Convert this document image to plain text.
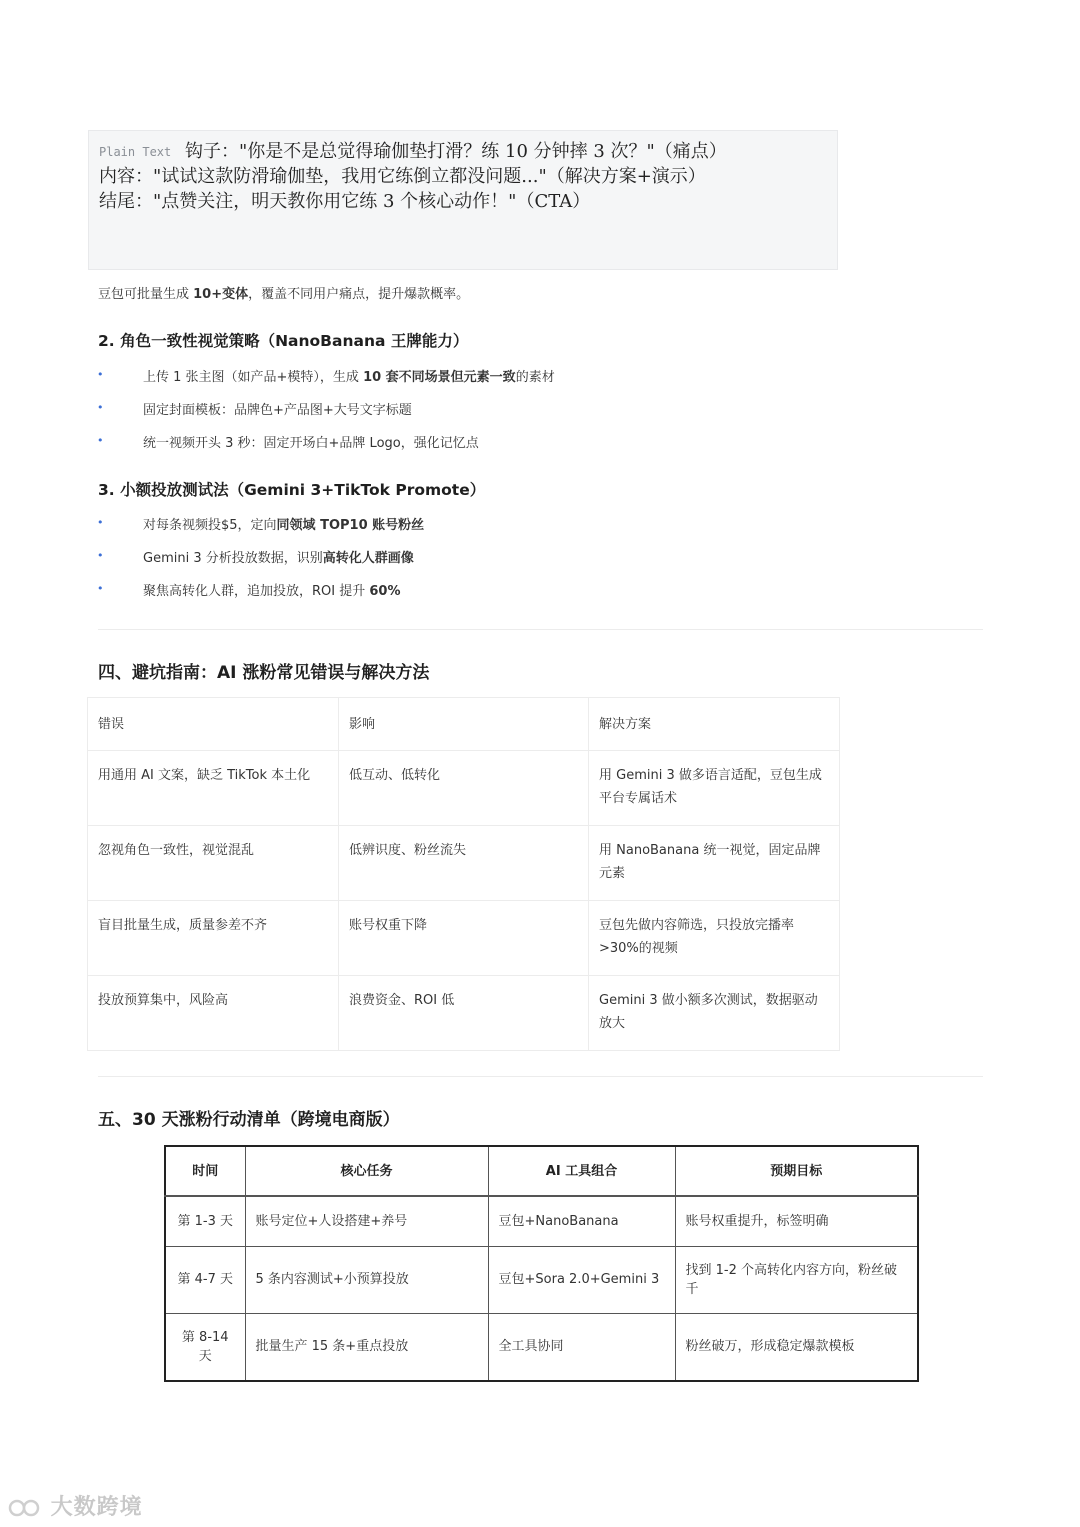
Plain Text 钩子："你是不是总觉得瑜伽垫打滑？练 10 分钟摔 3 次？"（痛点）
内容："试试这款防滑瑜伽垫，我用它练倒立都没问题..."（解决方案+演示）
结尾："点赞关注，明天教你用它练 3 个核心动作！"（CTA）
豆包可批量生成 10+变体，覆盖不同用户痛点，提升爆款概率。
2. 角色一致性视觉策略（NanoBanana 王牌能力）
•	上传 1 张主图（如产品+模特），生成 10 套不同场景但元素一致的素材
•	固定封面模板：品牌色+产品图+大号文字标题
•	统一视频开头 3 秒：固定开场白+品牌 Logo，强化记忆点
3. 小额投放测试法（Gemini 3+TikTok Promote）
•	对每条视频投$5，定向同领域 TOP10 账号粉丝
•	Gemini 3 分析投放数据，识别高转化人群画像
•	聚焦高转化人群，追加投放，ROI 提升 60%
四、避坑指南：AI 涨粉常见错误与解决方法
错误	影响	解决方案
用通用 AI 文案，缺乏 TikTok 本土化	低互动、低转化	用 Gemini 3 做多语言适配，豆包生成平台专属话术
忽视角色一致性，视觉混乱	低辨识度、粉丝流失	用 NanoBanana 统一视觉，固定品牌元素
盲目批量生成，质量参差不齐	账号权重下降	豆包先做内容筛选，只投放完播率>30%的视频
投放预算集中，风险高	浪费资金、ROI 低	Gemini 3 做小额多次测试，数据驱动放大
五、30 天涨粉行动清单（跨境电商版）
时间	核心任务	AI 工具组合	预期目标
第 1-3 天	账号定位+人设搭建+养号	豆包+NanoBanana	账号权重提升，标签明确
第 4-7 天	5 条内容测试+小预算投放	豆包+Sora 2.0+Gemini 3	找到 1-2 个高转化内容方向，粉丝破千
第 8-14 天	批量生产 15 条+重点投放	全工具协同	粉丝破万，形成稳定爆款模板
大数跨境
